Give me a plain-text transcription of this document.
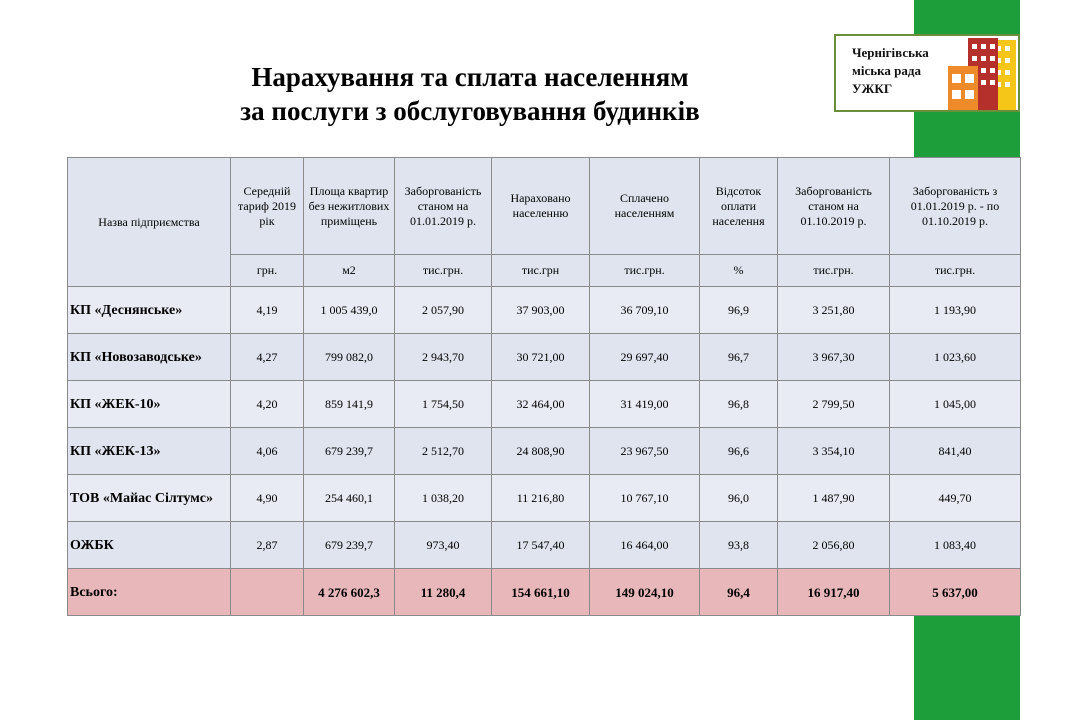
Чернігівська
міська рада
УЖКГ
Нарахування та сплата населенням
за послуги з обслуговування будинків
Назва підприємства	Середній тариф 2019 рік	Площа квартир без нежитлових приміщень	Заборгованість станом на 01.01.2019 р.	Нараховано населенню	Сплачено населенням	Відсоток оплати населення	Заборгованість станом на 01.10.2019 р.	Заборгованість з 01.01.2019 р. - по 01.10.2019 р.
	грн.	м2	тис.грн.	тис.грн	тис.грн.	%	тис.грн.	тис.грн.
КП «Деснянське»	4,19	1 005 439,0	2 057,90	37 903,00	36 709,10	96,9	3 251,80	1 193,90
КП «Новозаводське»	4,27	799 082,0	2 943,70	30 721,00	29 697,40	96,7	3 967,30	1 023,60
КП «ЖЕК-10»	4,20	859 141,9	1 754,50	32 464,00	31 419,00	96,8	2 799,50	1 045,00
КП «ЖЕК-13»	4,06	679 239,7	2 512,70	24 808,90	23 967,50	96,6	3 354,10	841,40
ТОВ «Майас Сілтумс»	4,90	254 460,1	1 038,20	11 216,80	10 767,10	96,0	1 487,90	449,70
ОЖБК	2,87	679 239,7	973,40	17 547,40	16 464,00	93,8	2 056,80	1 083,40
Всього:		4 276 602,3	11 280,4	154 661,10	149 024,10	96,4	16 917,40	5 637,00
